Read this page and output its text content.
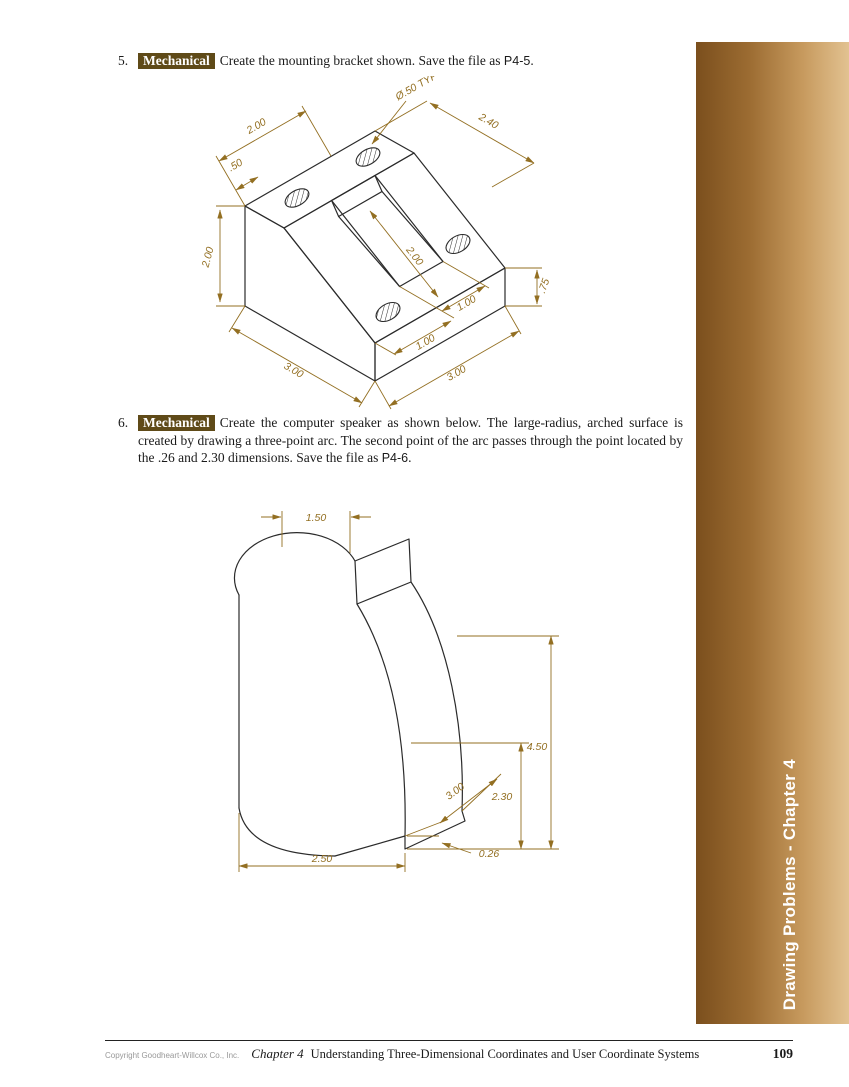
5.	Mechanical Create the mounting bracket shown. Save the file as P4-5.
Ø.50 TYP
2.00
.50
2.40
.75
2.00
2.00
3.00
1.00
1.00
3.00
6.	Mechanical Create the computer speaker as shown below. The large-radius, arched surface is created by drawing a three-point arc. The second point of the arc passes through the point located by the .26 and 2.30 dimensions. Save the file as P4-6.
1.50
4.50
2.30
3.00
0.26
2.50	Drawing Problems - Chapter 4
Copyright Goodheart-Willcox Co., Inc. Chapter 4 Understanding Three-Dimensional Coordinates and User Coordinate Systems	109
